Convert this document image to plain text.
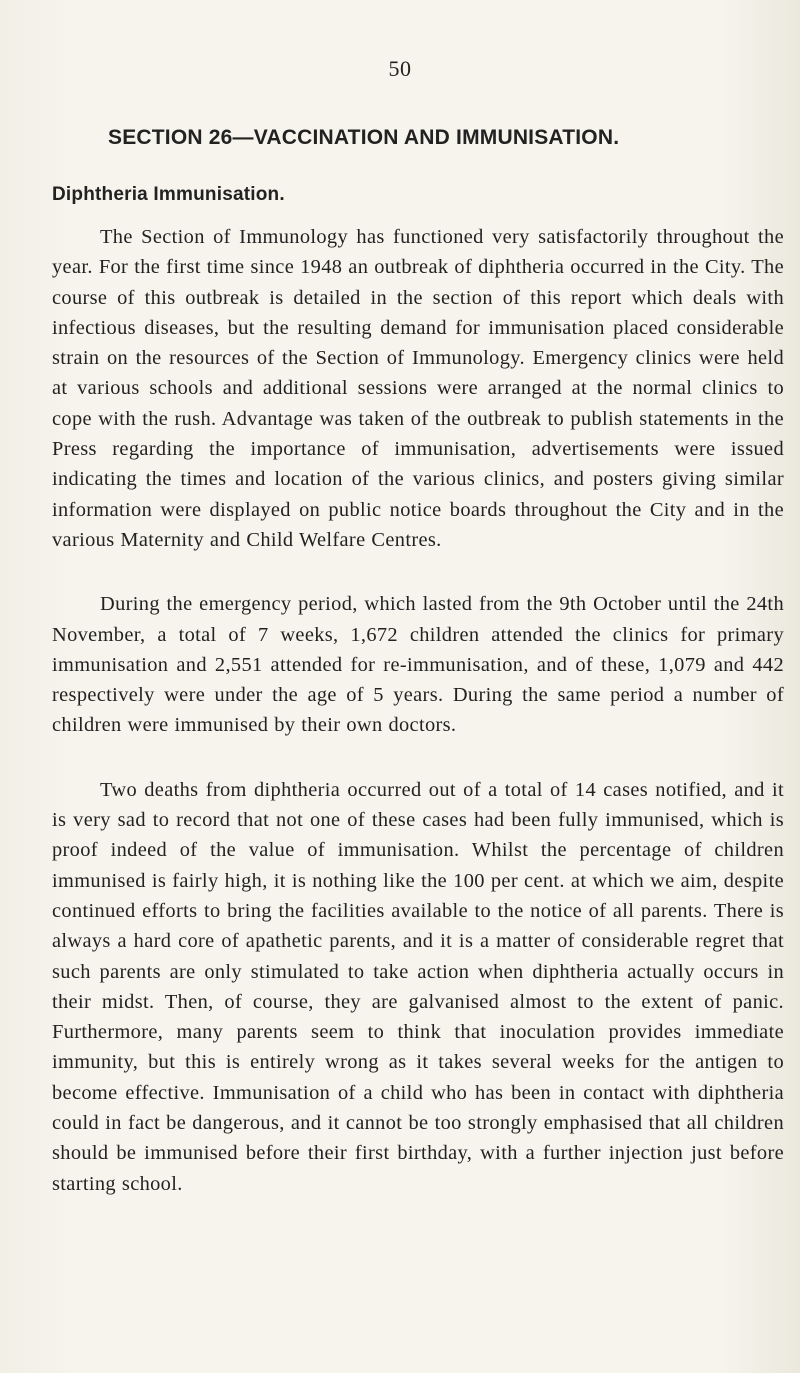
50
SECTION 26—VACCINATION AND IMMUNISATION.
Diphtheria Immunisation.

The Section of Immunology has functioned very satisfactorily throughout the year. For the first time since 1948 an outbreak of diphtheria occurred in the City. The course of this outbreak is detailed in the section of this report which deals with infectious diseases, but the resulting demand for immunisation placed considerable strain on the resources of the Section of Immunology. Emergency clinics were held at various schools and additional sessions were arranged at the normal clinics to cope with the rush. Advantage was taken of the outbreak to publish statements in the Press regarding the importance of immunisation, advertisements were issued indicating the times and location of the various clinics, and posters giving similar information were displayed on public notice boards throughout the City and in the various Maternity and Child Welfare Centres.

During the emergency period, which lasted from the 9th October until the 24th November, a total of 7 weeks, 1,672 children attended the clinics for primary immunisation and 2,551 attended for re-immunisation, and of these, 1,079 and 442 respectively were under the age of 5 years. During the same period a number of children were immunised by their own doctors.

Two deaths from diphtheria occurred out of a total of 14 cases notified, and it is very sad to record that not one of these cases had been fully immunised, which is proof indeed of the value of immunisation. Whilst the percentage of children immunised is fairly high, it is nothing like the 100 per cent. at which we aim, despite continued efforts to bring the facilities available to the notice of all parents. There is always a hard core of apathetic parents, and it is a matter of considerable regret that such parents are only stimulated to take action when diphtheria actually occurs in their midst. Then, of course, they are galvanised almost to the extent of panic. Furthermore, many parents seem to think that inoculation provides immediate immunity, but this is entirely wrong as it takes several weeks for the antigen to become effective. Immunisation of a child who has been in contact with diphtheria could in fact be dangerous, and it cannot be too strongly emphasised that all children should be immunised before their first birthday, with a further injection just before starting school.
